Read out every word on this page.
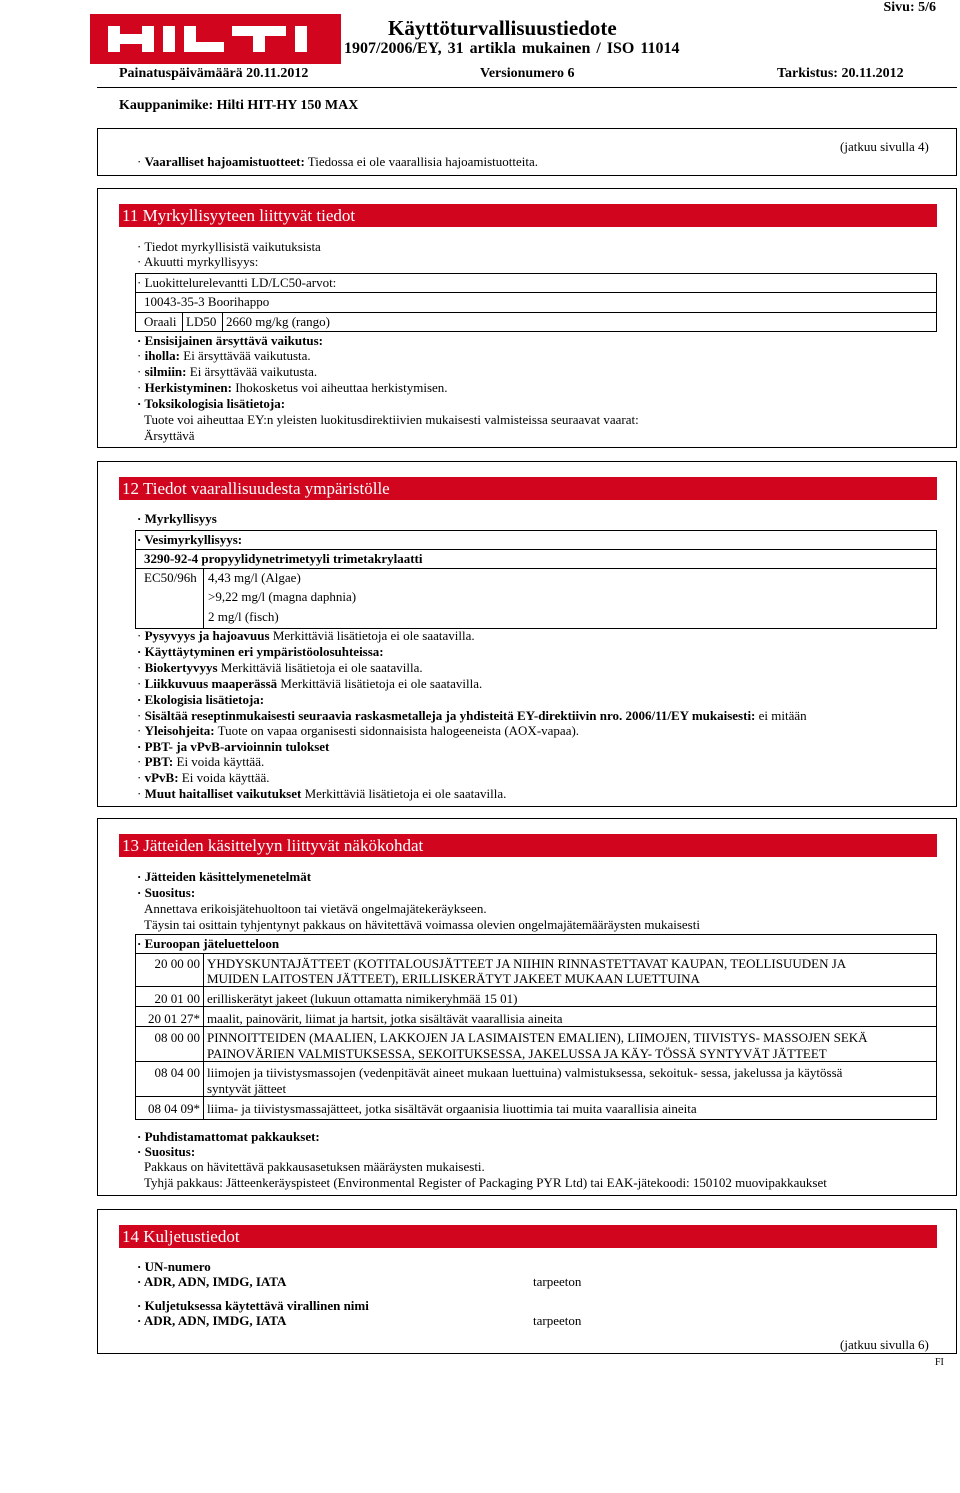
Käyttöturvallisuustiedote
1907/2006/EY, 31 artikla mukainen / ISO 11014
Sivu: 5/6
Painatuspäivämäärä 20.11.2012	Versionumero 6	Tarkistus: 20.11.2012
Kauppanimike: Hilti HIT-HY 150 MAX
(jatkuu sivulla 4)
· Vaaralliset hajoamistuotteet: Tiedossa ei ole vaarallisia hajoamistuotteita.
11 Myrkyllisyyteen liittyvät tiedot
· Tiedot myrkyllisistä vaikutuksista
· Akuutti myrkyllisyys:
· Luokittelurelevantti LD/LC50-arvot:
10043-35-3 Boorihappo
Oraali LD50 2660 mg/kg (rango)
· Ensisijainen ärsyttävä vaikutus:
· iholla: Ei ärsyttävää vaikutusta.
· silmiin: Ei ärsyttävää vaikutusta.
· Herkistyminen: Ihokosketus voi aiheuttaa herkistymisen.
· Toksikologisia lisätietoja:
Tuote voi aiheuttaa EY:n yleisten luokitusdirektiivien mukaisesti valmisteissa seuraavat vaarat:
Ärsyttävä
12 Tiedot vaarallisuudesta ympäristölle
· Myrkyllisyys
· Vesimyrkyllisyys:
3290-92-4 propyylidynetrimetyyli trimetakrylaatti
EC50/96h 4,43 mg/l (Algae)
>9,22 mg/l (magna daphnia)
2 mg/l (fisch)
· Pysyvyys ja hajoavuus Merkittäviä lisätietoja ei ole saatavilla.
· Käyttäytyminen eri ympäristöolosuhteissa:
· Biokertyvyys Merkittäviä lisätietoja ei ole saatavilla.
· Liikkuvuus maaperässä Merkittäviä lisätietoja ei ole saatavilla.
· Ekologisia lisätietoja:
· Sisältää reseptinmukaisesti seuraavia raskasmetalleja ja yhdisteitä EY-direktiivin nro. 2006/11/EY mukaisesti: ei mitään
· Yleisohjeita: Tuote on vapaa organisesti sidonnaisista halogeeneista (AOX-vapaa).
· PBT- ja vPvB-arvioinnin tulokset
· PBT: Ei voida käyttää.
· vPvB: Ei voida käyttää.
· Muut haitalliset vaikutukset Merkittäviä lisätietoja ei ole saatavilla.
13 Jätteiden käsittelyyn liittyvät näkökohdat
· Jätteiden käsittelymenetelmät
· Suositus:
Annettava erikoisjätehuoltoon tai vietävä ongelmajätekeräykseen.
Täysin tai osittain tyhjentynyt pakkaus on hävitettävä voimassa olevien ongelmajätemääräysten mukaisesti
· Euroopan jäteluetteloon
20 00 00 YHDYSKUNTAJÄTTEET (KOTITALOUSJÄTTEET JA NIIHIN RINNASTETTAVAT KAUPAN, TEOLLISUUDEN JA
MUIDEN LAITOSTEN JÄTTEET), ERILLISKERÄTYT JAKEET MUKAAN LUETTUINA
20 01 00 erilliskerätyt jakeet (lukuun ottamatta nimikeryhmää 15 01)
20 01 27* maalit, painovärit, liimat ja hartsit, jotka sisältävät vaarallisia aineita
08 00 00 PINNOITTEIDEN (MAALIEN, LAKKOJEN JA LASIMAISTEN EMALIEN), LIIMOJEN, TIIVISTYS- MASSOJEN SEKÄ
PAINOVÄRIEN VALMISTUKSESSA, SEKOITUKSESSA, JAKELUSSA JA KÄY- TÖSSÄ SYNTYVÄT JÄTTEET
08 04 00 liimojen ja tiivistysmassojen (vedenpitävät aineet mukaan luettuina) valmistuksessa, sekoituk- sessa, jakelussa ja käytössä
syntyvät jätteet
08 04 09* liima- ja tiivistysmassajätteet, jotka sisältävät orgaanisia liuottimia tai muita vaarallisia aineita
· Puhdistamattomat pakkaukset:
· Suositus:
Pakkaus on hävitettävä pakkausasetuksen määräysten mukaisesti.
Tyhjä pakkaus: Jätteenkeräyspisteet (Environmental Register of Packaging PYR Ltd) tai EAK-jätekoodi: 150102 muovipakkaukset
14 Kuljetustiedot
· UN-numero
· ADR, ADN, IMDG, IATA	tarpeeton
· Kuljetuksessa käytettävä virallinen nimi
· ADR, ADN, IMDG, IATA	tarpeeton
(jatkuu sivulla 6)
FI
